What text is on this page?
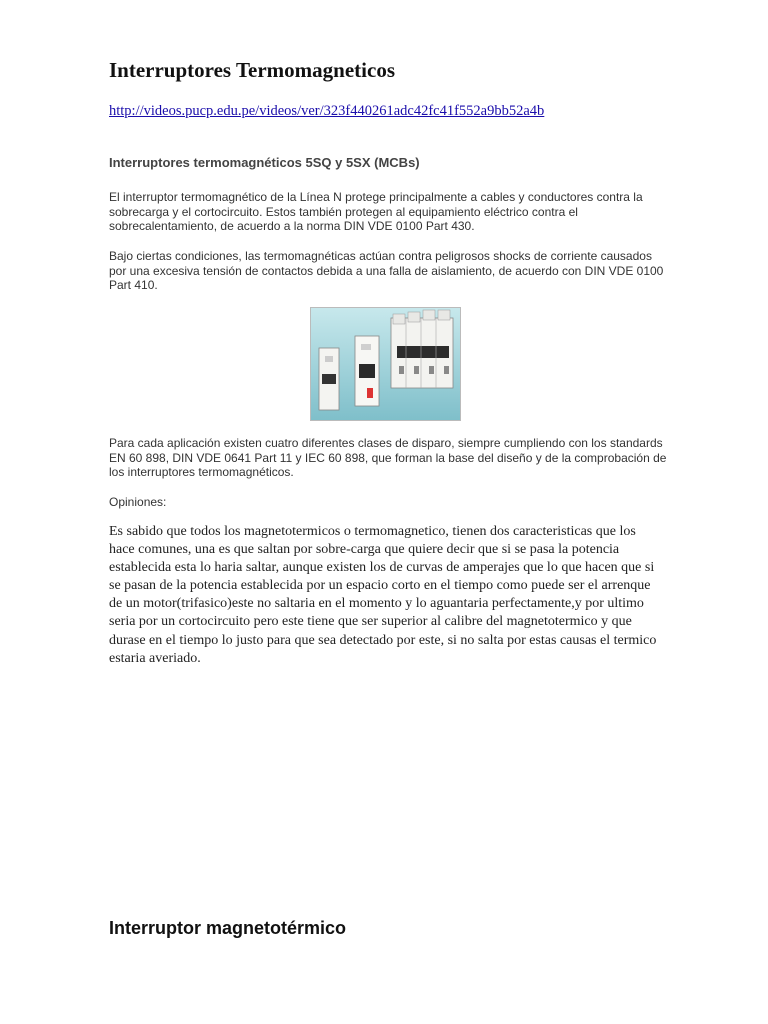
Interruptores Termomagneticos
http://videos.pucp.edu.pe/videos/ver/323f440261adc42fc41f552a9bb52a4b
Interruptores termomagnéticos 5SQ y 5SX (MCBs)

El interruptor termomagnético de la Línea N protege principalmente a cables y conductores contra la sobrecarga y el cortocircuito. Estos también protegen al equipamiento eléctrico contra el sobrecalentamiento, de acuerdo a la norma DIN VDE 0100 Part 430.

Bajo ciertas condiciones, las termomagnéticas actúan contra peligrosos shocks de corriente causados por una excesiva tensión de contactos debida a una falla de aislamiento, de acuerdo con DIN VDE 0100 Part 410.

Para cada aplicación existen cuatro diferentes clases de disparo, siempre cumpliendo con los standards EN 60 898, DIN VDE 0641 Part 11 y IEC 60 898, que forman la base del diseño y de la comprobación de los interruptores termomagnéticos.

Opiniones:

Es sabido que todos los magnetotermicos o termomagnetico, tienen dos caracteristicas que los hace comunes, una es que saltan por sobre-carga que quiere decir que si se pasa la potencia establecida esta lo haria saltar, aunque existen los de curvas de amperajes que lo que hacen que si se pasan de la potencia establecida por un espacio corto en el tiempo como puede ser el arrenque de un motor(trifasico)este no saltaria en el momento y lo aguantaria perfectamente,y por ultimo seria por un cortocircuito pero este tiene que ser superior al calibre del magnetotermico y que durase en el tiempo lo justo para que sea detectado por este, si no salta por estas causas el termico estaria averiado.

Interruptor magnetotérmico
